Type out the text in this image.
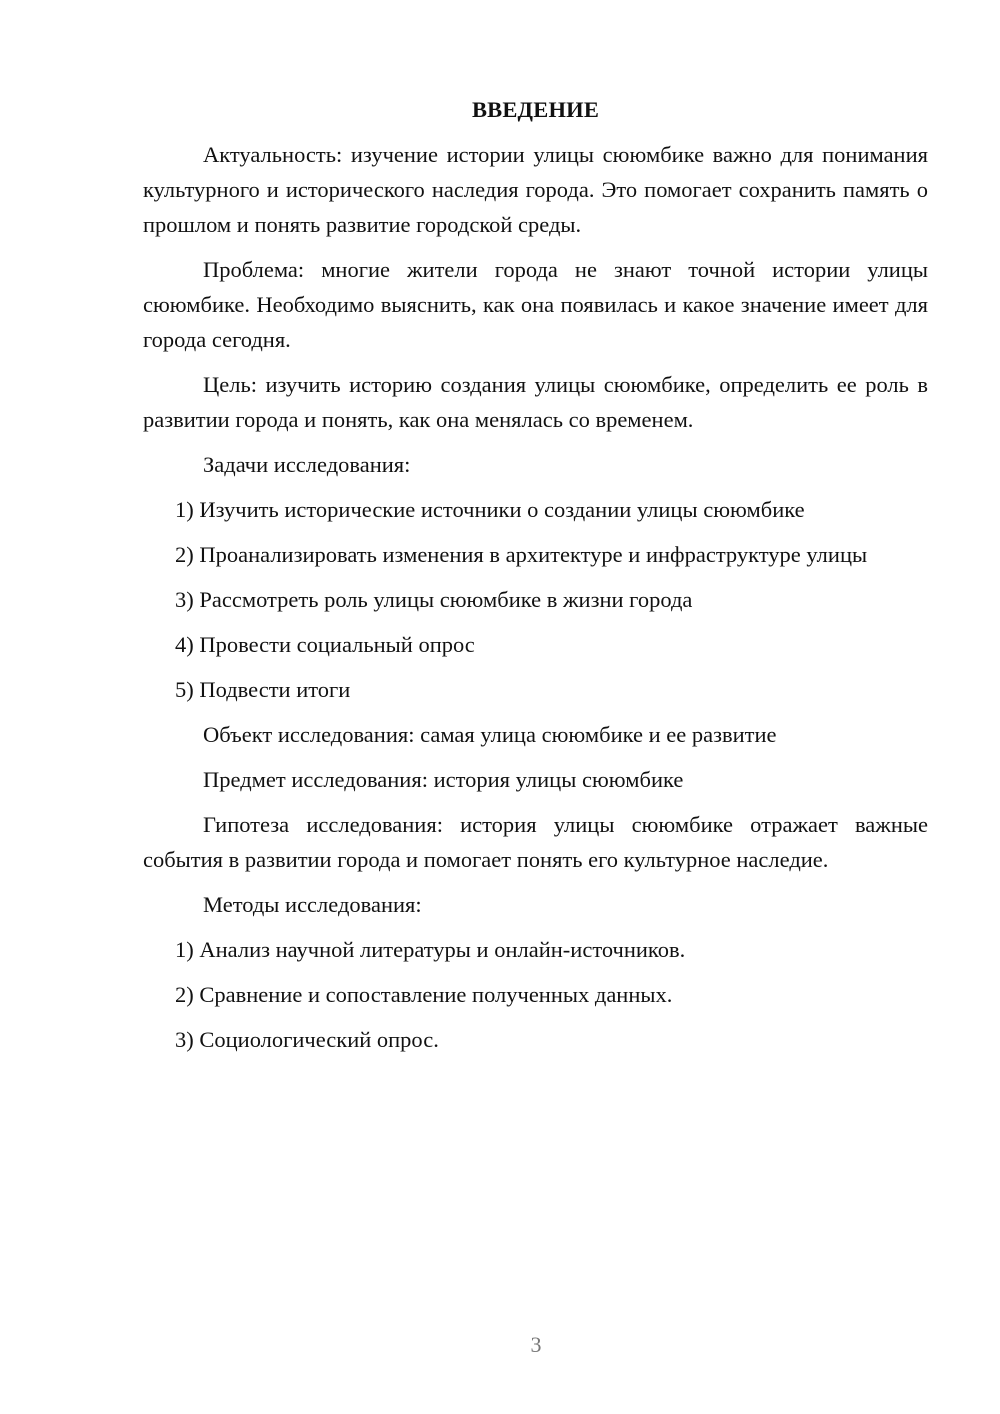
ВВЕДЕНИЕ

Актуальность: изучение истории улицы сююмбике важно для понимания культурного и исторического наследия города. Это помогает сохранить память о прошлом и понять развитие городской среды.

Проблема: многие жители города не знают точной истории улицы сююмбике. Необходимо выяснить, как она появилась и какое значение имеет для города сегодня.

Цель: изучить историю создания улицы сююмбике, определить ее роль в развитии города и понять, как она менялась со временем.

Задачи исследования:

1) Изучить исторические источники о создании улицы сююмбике

2) Проанализировать изменения в архитектуре и инфраструктуре улицы

3) Рассмотреть роль улицы сююмбике в жизни города

4) Провести социальный опрос

5) Подвести итоги

Объект исследования: самая улица сююмбике и ее развитие

Предмет исследования: история улицы сююмбике

Гипотеза исследования: история улицы сююмбике отражает важные события в развитии города и помогает понять его культурное наследие.

Методы исследования:

1) Анализ научной литературы и онлайн-источников.

2) Сравнение и сопоставление полученных данных.

3) Социологический опрос.

3
